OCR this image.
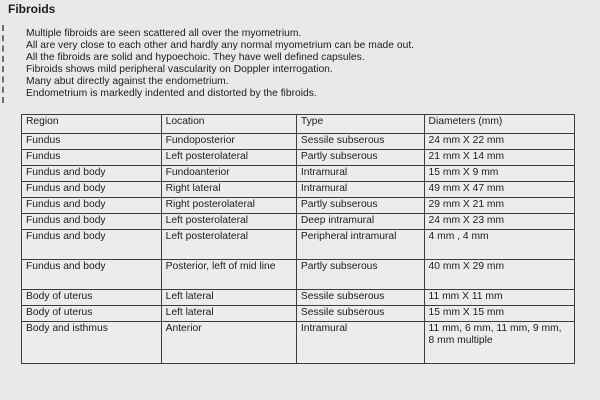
Fibroids
Multiple fibroids are seen scattered all over the myometrium.
All are very close to each other and hardly any normal myometrium can be made out.
All the fibroids are solid and hypoechoic. They have well defined capsules.
Fibroids shows mild peripheral vascularity on Doppler interrogation.
Many abut directly against the endometrium.
Endometrium is markedly indented and distorted by the fibroids.
Region	Location	Type	Diameters (mm)
Fundus	Fundoposterior	Sessile subserous	24 mm X 22 mm
Fundus	Left posterolateral	Partly subserous	21 mm X 14 mm
Fundus and body	Fundoanterior	Intramural	15 mm X 9 mm
Fundus and body	Right lateral	Intramural	49 mm X 47 mm
Fundus and body	Right posterolateral	Partly subserous	29 mm X 21 mm
Fundus and body	Left posterolateral	Deep intramural	24 mm X 23 mm
Fundus and body	Left posterolateral	Peripheral intramural	4 mm , 4 mm
Fundus and body	Posterior, left of mid line	Partly subserous	40 mm X 29 mm
Body of uterus	Left lateral	Sessile subserous	11 mm X 11 mm
Body of uterus	Left lateral	Sessile subserous	15 mm X 15 mm
Body and isthmus	Anterior	Intramural	11 mm, 6 mm, 11 mm, 9 mm, 8 mm multiple
